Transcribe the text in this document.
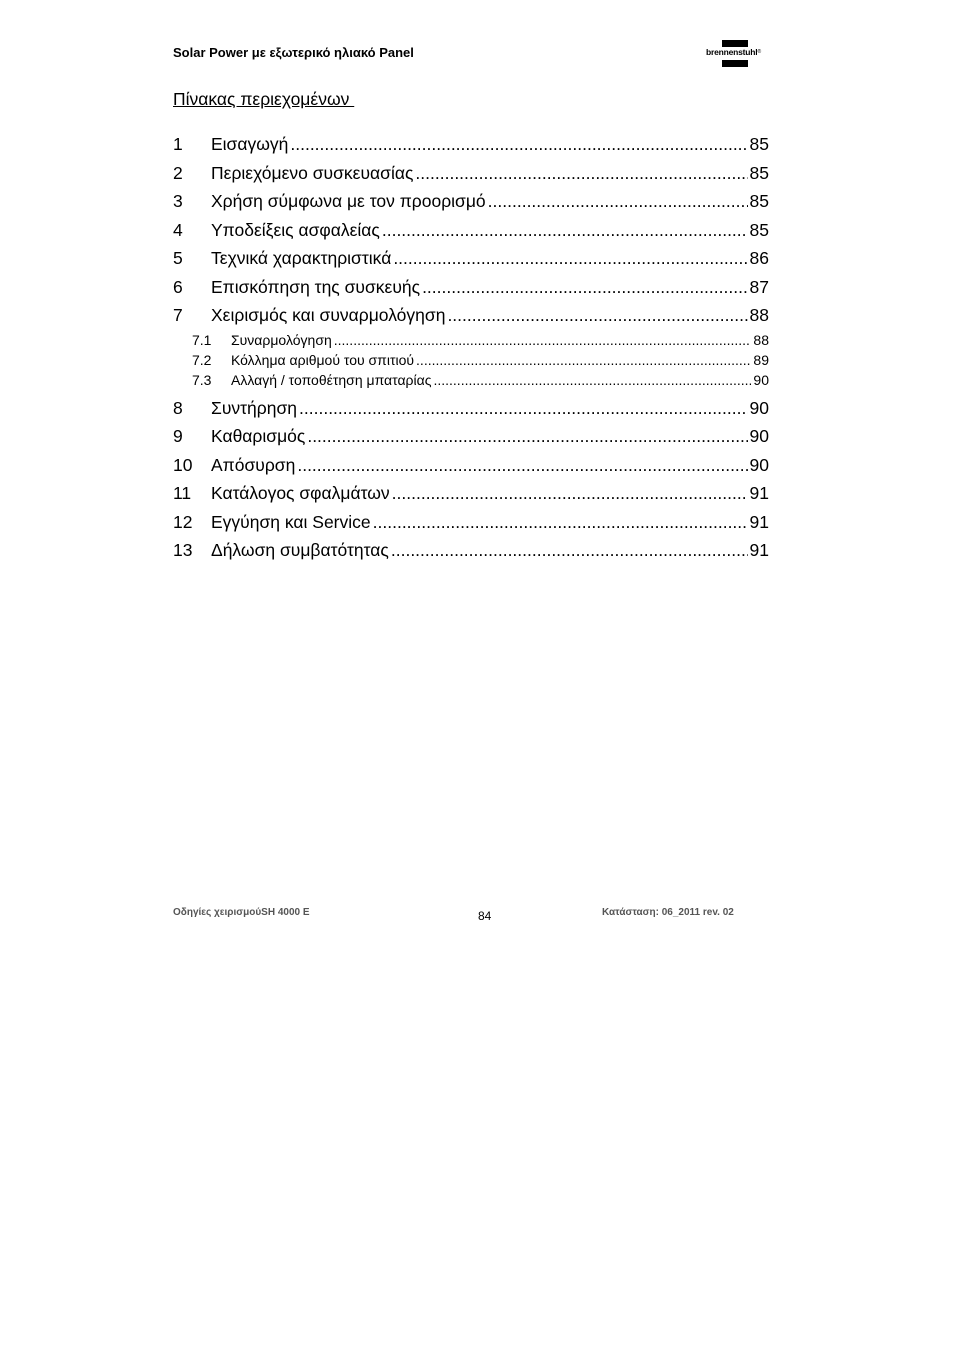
Solar Power με εξωτερικό ηλιακό Panel	brennenstuhl®
Πίνακας περιεχομένων
1	Εισαγωγή .....	85
2	Περιεχόμενο συσκευασίας .....	85
3	Χρήση σύμφωνα με τον προορισμό .....	85
4	Υποδείξεις ασφαλείας .....	85
5	Τεχνικά χαρακτηριστικά .....	86
6	Επισκόπηση της συσκευής .....	87
7	Χειρισμός και συναρμολόγηση .....	88
7.1	Συναρμολόγηση .....	88
7.2	Κόλλημα αριθμού του σπιτιού .....	89
7.3	Αλλαγή / τοποθέτηση μπαταρίας .....	90
8	Συντήρηση .....	90
9	Καθαρισμός .....	90
10	Απόσυρση .....	90
11	Κατάλογος σφαλμάτων .....	91
12	Εγγύηση και Service .....	91
13	Δήλωση συμβατότητας .....	91
Οδηγίες χειρισμούSH 4000 E	84	Κατάσταση: 06_2011 rev. 02
